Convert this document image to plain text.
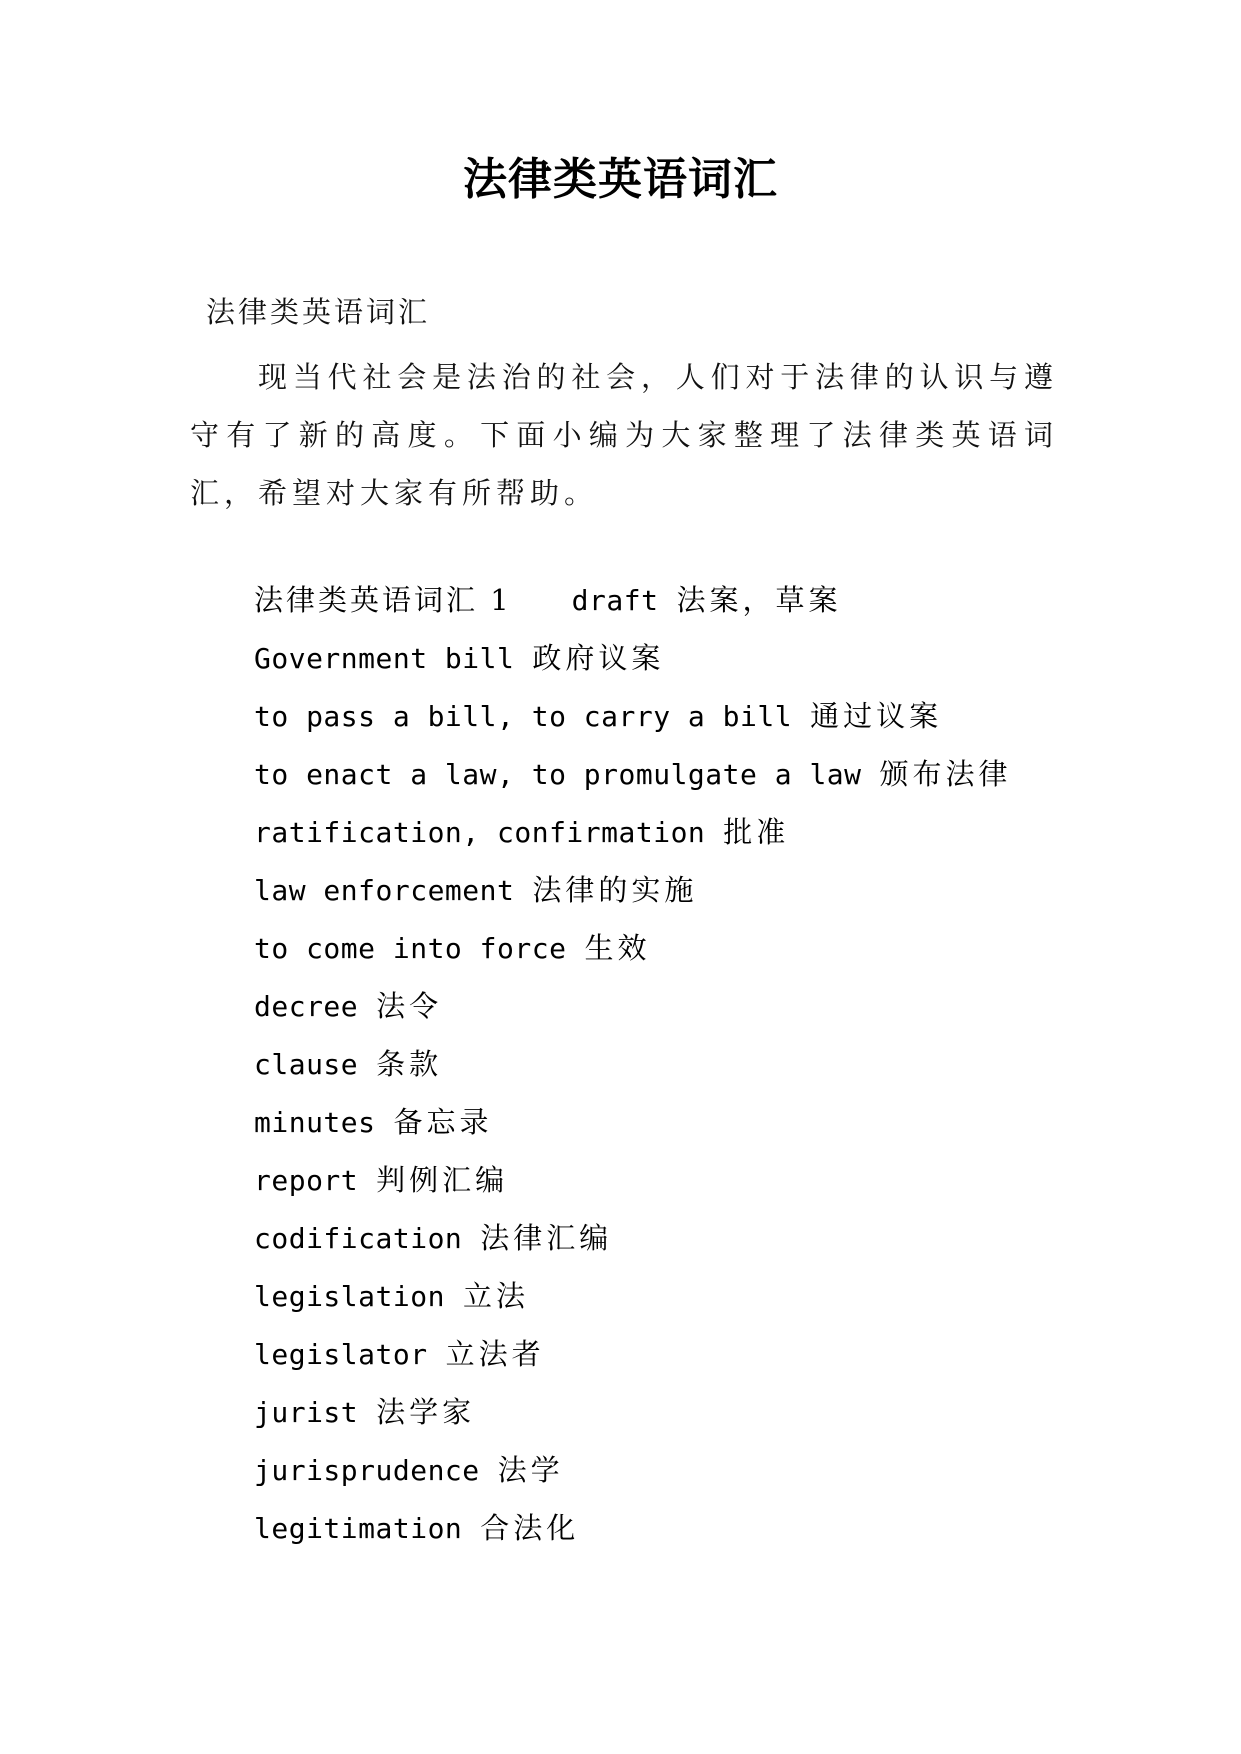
法律类英语词汇
法律类英语词汇

现当代社会是法治的社会，人们对于法律的认识与遵守有了新的高度。下面小编为大家整理了法律类英语词汇，希望对大家有所帮助。

法律类英语词汇 1 draft 法案，草案
Government bill 政府议案
to pass a bill, to carry a bill 通过议案
to enact a law, to promulgate a law 颁布法律
ratification, confirmation 批准
law enforcement 法律的实施
to come into force 生效
decree 法令
clause 条款
minutes 备忘录
report 判例汇编
codification 法律汇编
legislation 立法
legislator 立法者
jurist 法学家
jurisprudence 法学
legitimation 合法化
